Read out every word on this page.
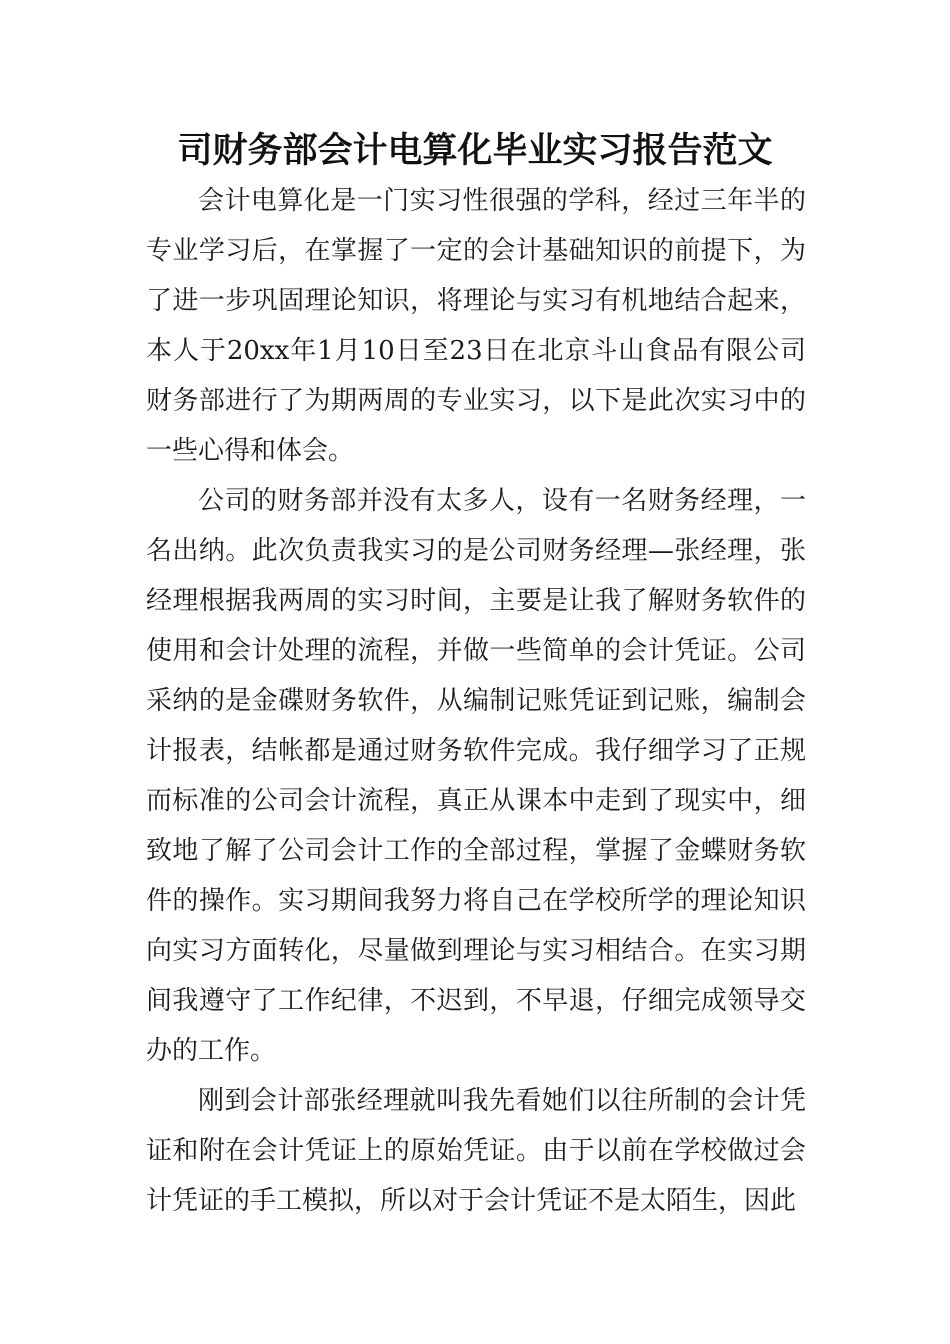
司财务部会计电算化毕业实习报告范文

会计电算化是一门实习性很强的学科，经过三年半的专业学习后，在掌握了一定的会计基础知识的前提下，为了进一步巩固理论知识，将理论与实习有机地结合起来，本人于20xx年1月10日至23日在北京斗山食品有限公司财务部进行了为期两周的专业实习，以下是此次实习中的一些心得和体会。

公司的财务部并没有太多人，设有一名财务经理，一名出纳。此次负责我实习的是公司财务经理—张经理，张经理根据我两周的实习时间，主要是让我了解财务软件的使用和会计处理的流程，并做一些简单的会计凭证。公司采纳的是金碟财务软件，从编制记账凭证到记账，编制会计报表，结帐都是通过财务软件完成。我仔细学习了正规而标准的公司会计流程，真正从课本中走到了现实中，细致地了解了公司会计工作的全部过程，掌握了金蝶财务软件的操作。实习期间我努力将自己在学校所学的理论知识向实习方面转化，尽量做到理论与实习相结合。在实习期间我遵守了工作纪律，不迟到，不早退，仔细完成领导交办的工作。

刚到会计部张经理就叫我先看她们以往所制的会计凭证和附在会计凭证上的原始凭证。由于以前在学校做过会计凭证的手工模拟，所以对于会计凭证不是太陌生，因此
